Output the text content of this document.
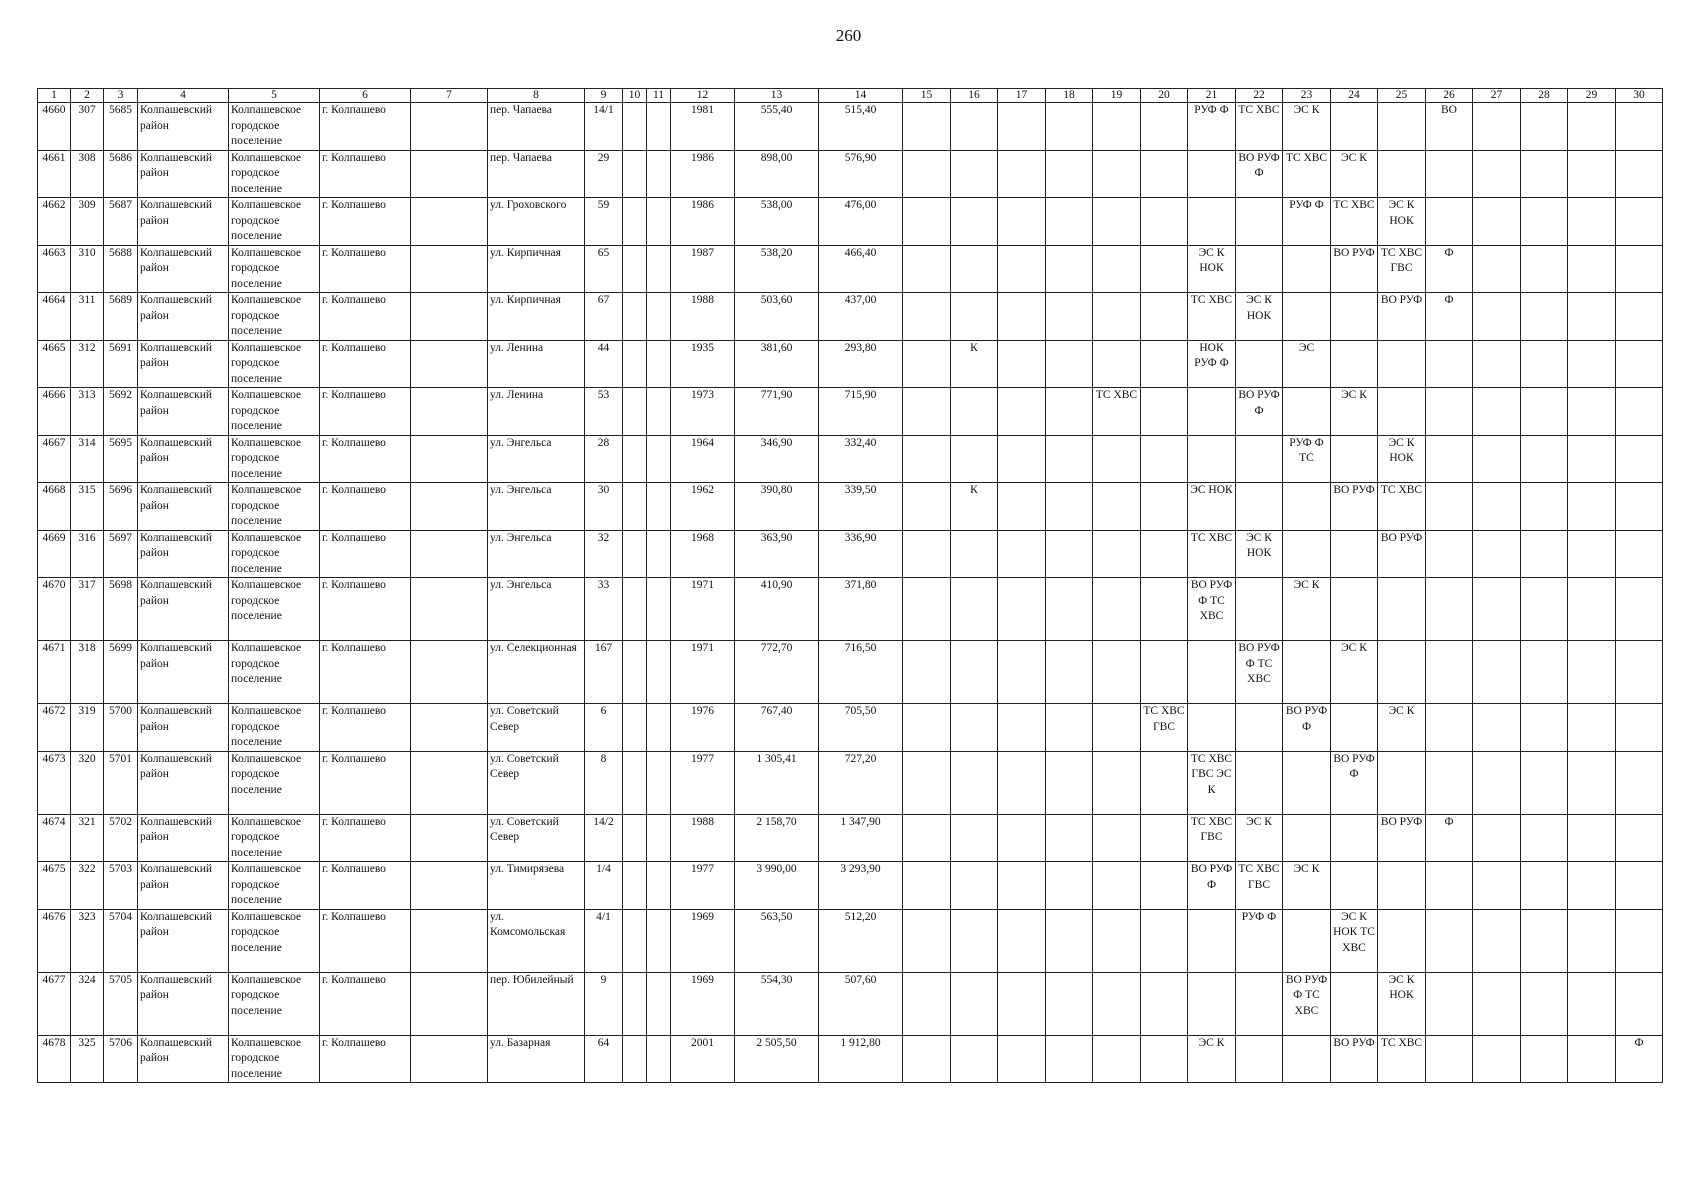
260
1	2	3	4	5	6	7	8	9	10	11	12	13	14	15	16	17	18	19	20	21	22	23	24	25	26	27	28	29	30
4660	307	5685	Колпашевский район	Колпашевское городское поселение	г. Колпашево		пер. Чапаева	14/1			1981	555,40	515,40							РУФ Ф	ТС ХВС	ЭС К			ВО				
4661	308	5686	Колпашевский район	Колпашевское городское поселение	г. Колпашево		пер. Чапаева	29			1986	898,00	576,90								ВО РУФ Ф	ТС ХВС	ЭС К						
4662	309	5687	Колпашевский район	Колпашевское городское поселение	г. Колпашево		ул. Гроховского	59			1986	538,00	476,00									РУФ Ф	ТС ХВС	ЭС К НОК					
4663	310	5688	Колпашевский район	Колпашевское городское поселение	г. Колпашево		ул. Кирпичная	65			1987	538,20	466,40							ЭС К НОК			ВО РУФ	ТС ХВС ГВС	Ф				
4664	311	5689	Колпашевский район	Колпашевское городское поселение	г. Колпашево		ул. Кирпичная	67			1988	503,60	437,00							ТС ХВС	ЭС К НОК			ВО РУФ	Ф				
4665	312	5691	Колпашевский район	Колпашевское городское поселение	г. Колпашево		ул. Ленина	44			1935	381,60	293,80		К					НОК РУФ Ф		ЭС							
4666	313	5692	Колпашевский район	Колпашевское городское поселение	г. Колпашево		ул. Ленина	53			1973	771,90	715,90					ТС ХВС			ВО РУФ Ф		ЭС К						
4667	314	5695	Колпашевский район	Колпашевское городское поселение	г. Колпашево		ул. Энгельса	28			1964	346,90	332,40									РУФ Ф ТС		ЭС К НОК					
4668	315	5696	Колпашевский район	Колпашевское городское поселение	г. Колпашево		ул. Энгельса	30			1962	390,80	339,50		К					ЭС НОК			ВО РУФ	ТС ХВС					
4669	316	5697	Колпашевский район	Колпашевское городское поселение	г. Колпашево		ул. Энгельса	32			1968	363,90	336,90							ТС ХВС	ЭС К НОК			ВО РУФ					
4670	317	5698	Колпашевский район	Колпашевское городское поселение	г. Колпашево		ул. Энгельса	33			1971	410,90	371,80							ВО РУФ Ф ТС ХВС		ЭС К							
4671	318	5699	Колпашевский район	Колпашевское городское поселение	г. Колпашево		ул. Селекционная	167			1971	772,70	716,50								ВО РУФ Ф ТС ХВС		ЭС К						
4672	319	5700	Колпашевский район	Колпашевское городское поселение	г. Колпашево		ул. Советский Север	6			1976	767,40	705,50						ТС ХВС ГВС			ВО РУФ Ф		ЭС К					
4673	320	5701	Колпашевский район	Колпашевское городское поселение	г. Колпашево		ул. Советский Север	8			1977	1 305,41	727,20							ТС ХВС ГВС ЭС К			ВО РУФ Ф						
4674	321	5702	Колпашевский район	Колпашевское городское поселение	г. Колпашево		ул. Советский Север	14/2			1988	2 158,70	1 347,90							ТС ХВС ГВС	ЭС К			ВО РУФ	Ф				
4675	322	5703	Колпашевский район	Колпашевское городское поселение	г. Колпашево		ул. Тимирязева	1/4			1977	3 990,00	3 293,90							ВО РУФ Ф	ТС ХВС ГВС	ЭС К							
4676	323	5704	Колпашевский район	Колпашевское городское поселение	г. Колпашево		ул. Комсомольская	4/1			1969	563,50	512,20								РУФ Ф		ЭС К НОК ТС ХВС						
4677	324	5705	Колпашевский район	Колпашевское городское поселение	г. Колпашево		пер. Юбилейный	9			1969	554,30	507,60									ВО РУФ Ф ТС ХВС		ЭС К НОК					
4678	325	5706	Колпашевский район	Колпашевское городское поселение	г. Колпашево		ул. Базарная	64			2001	2 505,50	1 912,80							ЭС К			ВО РУФ	ТС ХВС					Ф
